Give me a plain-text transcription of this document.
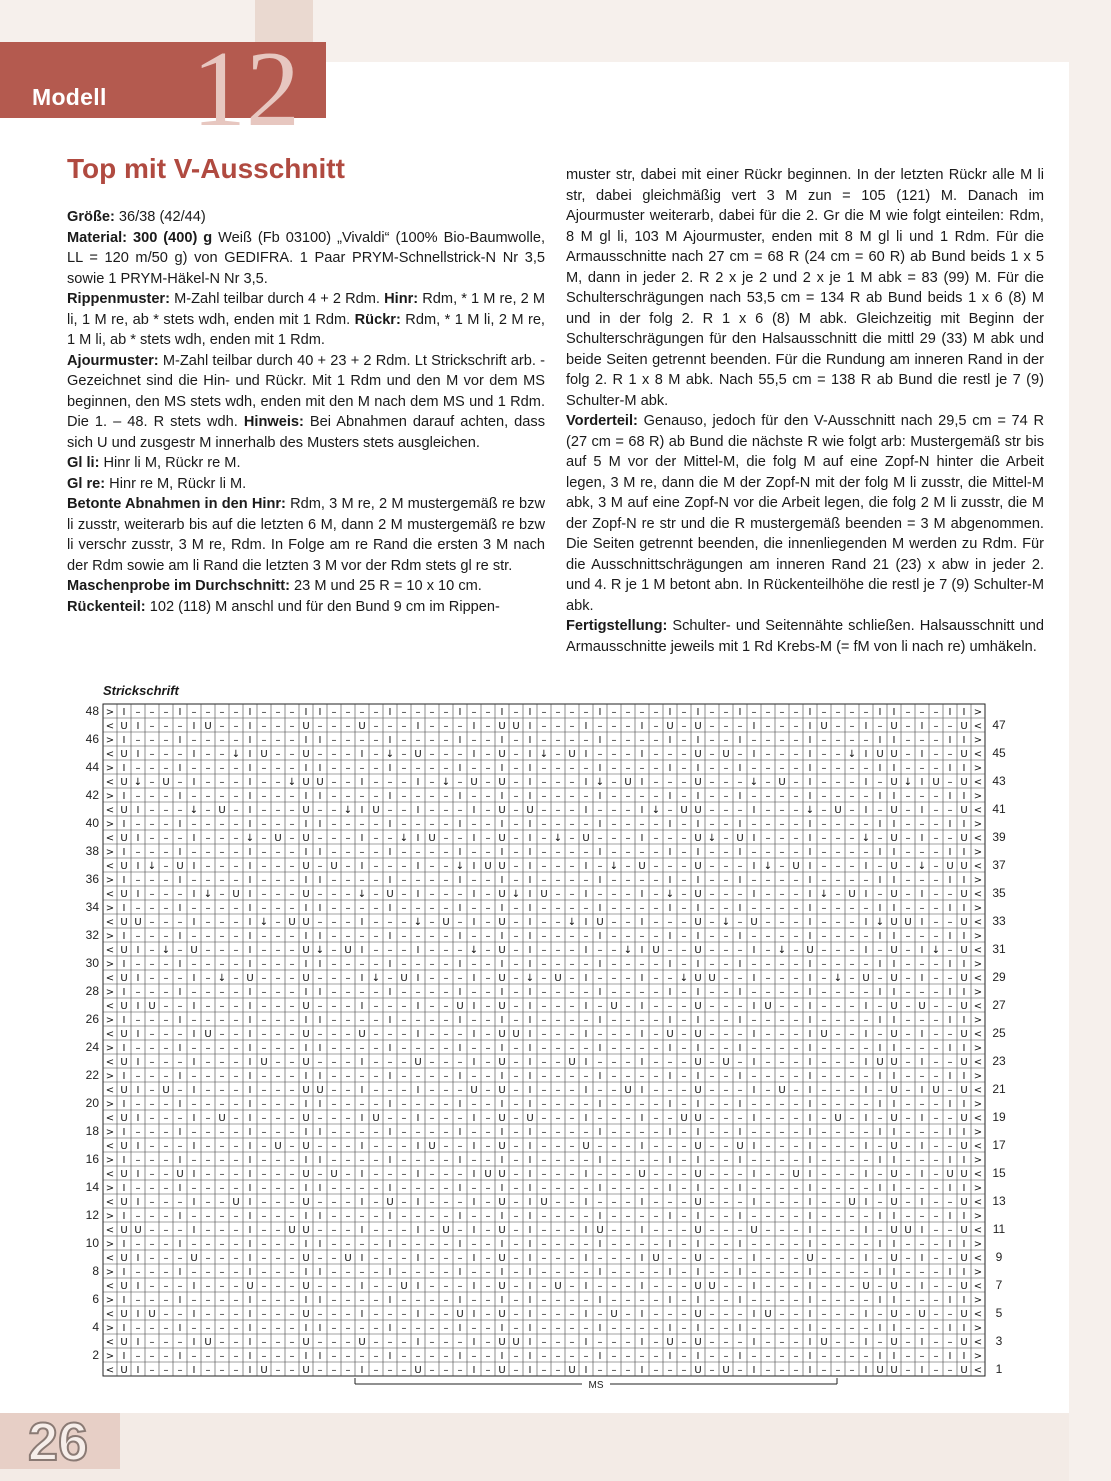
12
Modell
Top mit V-Ausschnitt

Größe: 36/38 (42/44)

Material: 300 (400) g Weiß (Fb 03100) „Vivaldi“ (100% Bio-Baumwolle, LL = 120 m/50 g) von GEDIFRA. 1 Paar PRYM-Schnellstrick-N Nr 3,5 sowie 1 PRYM-Häkel-N Nr 3,5.

Rippenmuster: M-Zahl teilbar durch 4 + 2 Rdm. Hinr: Rdm, * 1 M re, 2 M li, 1 M re, ab * stets wdh, enden mit 1 Rdm. Rückr: Rdm, * 1 M li, 2 M re, 1 M li, ab * stets wdh, enden mit 1 Rdm.

Ajourmuster: M-Zahl teilbar durch 40 + 23 + 2 Rdm. Lt Strickschrift arb. -Gezeichnet sind die Hin- und Rückr. Mit 1 Rdm und den M vor dem MS beginnen, den MS stets wdh, enden mit den M nach dem MS und 1 Rdm. Die 1. – 48. R stets wdh. Hinweis: Bei Abnahmen darauf achten, dass sich U und zusgestr M innerhalb des Musters stets ausgleichen.

Gl li: Hinr li M, Rückr re M.

Gl re: Hinr re M, Rückr li M.

Betonte Abnahmen in den Hinr: Rdm, 3 M re, 2 M mustergemäß re bzw li zusstr, weiterarb bis auf die letzten 6 M, dann 2 M mustergemäß re bzw li verschr zusstr, 3 M re, Rdm. In Folge am re Rand die ersten 3 M nach der Rdm sowie am li Rand die letzten 3 M vor der Rdm stets gl re str.

Maschenprobe im Durchschnitt: 23 M und 25 R = 10 x 10 cm.

Rückenteil: 102 (118) M anschl und für den Bund 9 cm im Rippen-

muster str, dabei mit einer Rückr beginnen. In der letzten Rückr alle M li str, dabei gleichmäßig vert 3 M zun = 105 (121) M. Danach im Ajourmuster weiterarb, dabei für die 2. Gr die M wie folgt einteilen: Rdm, 8 M gl li, 103 M Ajourmuster, enden mit 8 M gl li und 1 Rdm. Für die Armausschnitte nach 27 cm = 68 R (24 cm = 60 R) ab Bund beids 1 x 5 M, dann in jeder 2. R 2 x je 2 und 2 x je 1 M abk = 83 (99) M. Für die Schulterschrägungen nach 53,5 cm = 134 R ab Bund beids 1 x 6 (8) M und in der folg 2. R 1 x 6 (8) M abk. Gleichzeitig mit Beginn der Schulterschrägungen für den Halsausschnitt die mittl 29 (33) M abk und beide Seiten getrennt beenden. Für die Rundung am inneren Rand in der folg 2. R 1 x 8 M abk. Nach 55,5 cm = 138 R ab Bund die restl je 7 (9) Schulter-M abk.

Vorderteil: Genauso, jedoch für den V-Ausschnitt nach 29,5 cm = 74 R (27 cm = 68 R) ab Bund die nächste R wie folgt arb: Mustergemäß str bis auf 5 M vor der Mittel-M, die folg M auf eine Zopf-N hinter die Arbeit legen, 3 M re, dann die M der Zopf-N mit der folg M li zusstr, die Mittel-M abk, 3 M auf eine Zopf-N vor die Arbeit legen, die folg 2 M li zusstr, die M der Zopf-N re str und die R mustergemäß beenden = 3 M abgenommen. Die Seiten getrennt beenden, die innenliegenden M werden zu Rdm. Für die Ausschnittschrägungen am inneren Rand 21 (23) x abw in jeder 2. und 4. R je 1 M betont abn. In Rückenteilhöhe die restl je 7 (9) Schulter-M abk.

Fertigstellung: Schulter- und Seitennähte schließen. Halsausschnitt und Armausschnitte jeweils mit 1 Rd Krebs-M (= fM von li nach re) umhäkeln.

Strickschrift
> I – – – I – – – – I – – – I I – – – – I – – – – I – – I – I – – – – I – – – – I – I – – I – – – – I – – – – I I – – – I I >
< U I – – – I U – – I – – – U – – – U – – – I – – – I – U U I – – – I – – – I – U – U – – – I – – – I U – – I – U – I – – U <
> I – – – I – – – – I – – – I I – – – – I – – – – I – – I – I – – – – I – – – – I – I – – I – – – – I – – – – I I – – – I I >
< U I – – – I – – ↓ I U – – U – – – I – ↓ – U – – – I – U – I ↓ – U I – – – I – – – U – U – I – – – I – – ↓ I U U – I – – U <
> I – – – I – – – – I – – – I I – – – – I – – – – I – – I – I – – – – I – – – – I – I – – I – – – – I – – – – I I – – – I I >
< U ↓ – U – I – – – I – – ↓ U U – – I – – – I – ↓ – U – U – I – – – I ↓ – U I – – – U – – – ↓ – U – I – – – I – U ↓ I U – U <
> I – – – I – – – – I – – – I I – – – – I – – – – I – – I – I – – – – I – – – – I – I – – I – – – – I – – – – I I – – – I I >
< U I – – – ↓ – U – I – – – U – – ↓ I U – – I – – – I – U – U – – – I – – – I ↓ – U U – – – I – – – ↓ – U – I – U – I – – U <
> I – – – I – – – – I – – – I I – – – – I – – – – I – – I – I – – – – I – – – – I – I – – I – – – – I – – – – I I – – – I I >
< U I – – – I – – – ↓ – U – U – – – I – – ↓ I U – – I – U – I – ↓ – U – – – I – – – U ↓ – U I – – – I – – – ↓ – U – I – – U <
> I – – – I – – – – I – – – I I – – – – I – – – – I – – I – I – – – – I – – – – I – I – – I – – – – I – – – – I I – – – I I >
< U I ↓ – U I – – – I – – – U – U – I – – – I – – ↓ I U U – I – – – I – ↓ – U – – – U – – – I ↓ – U I – – – I – U – ↓ – U U <
> I – – – I – – – – I – – – I I – – – – I – – – – I – – I – I – – – – I – – – – I – I – – I – – – – I – – – – I I – – – I I >
< U I – – – I ↓ – U I – – – U – – – ↓ – U – I – – – I – U ↓ I U – – I – – – I – ↓ – U – – – I – – – I ↓ – U I – U – I – – U <
> I – – – I – – – – I – – – I I – – – – I – – – – I – – I – I – – – – I – – – – I – I – – I – – – – I – – – – I I – – – I I >
< U U – – – I – – – I ↓ – U U – – – I – – – ↓ – U – I – U – I – – ↓ I U – – I – – – U – ↓ – U – – – I – – – I ↓ U U I – – U <
> I – – – I – – – – I – – – I I – – – – I – – – – I – – I – I – – – – I – – – – I – I – – I – – – – I – – – – I I – – – I I >
< U I – ↓ – U – – – I – – – U ↓ – U I – – – I – – – ↓ – U – I – – – I – – ↓ I U – – U – – – I – ↓ – U – – – I – U – I ↓ – U <
> I – – – I – – – – I – – – I I – – – – I – – – – I – – I – I – – – – I – – – – I – I – – I – – – – I – – – – I I – – – I I >
< U I – – – I – ↓ – U – – – U – – – I ↓ – U I – – – I – U – ↓ – U – I – – – I – – ↓ U U – – I – – – I – ↓ – U – U – I – – U <
> I – – – I – – – – I – – – I I – – – – I – – – – I – – I – I – – – – I – – – – I – I – – I – – – – I – – – – I I – – – I I >
< U I U – – I – – – I – – – U – – – I – – – I – – U I – U – I – – – I – U – I – – – U – – – I U – – I – – – I – U – U – – U <
> I – – – I – – – – I – – – I I – – – – I – – – – I – – I – I – – – – I – – – – I – I – – I – – – – I – – – – I I – – – I I >
< U I – – – I U – – I – – – U – – – U – – – I – – – I – U U I – – – I – – – I – U – U – – – I – – – I U – – I – U – I – – U <
> I – – – I – – – – I – – – I I – – – – I – – – – I – – I – I – – – – I – – – – I – I – – I – – – – I – – – – I I – – – I I >
< U I – – – I – – – I U – – U – – – I – – – U – – – I – U – I – – U I – – – I – – – U – U – I – – – I – – – I U U – I – – U <
> I – – – I – – – – I – – – I I – – – – I – – – – I – – I – I – – – – I – – – – I – I – – I – – – – I – – – – I I – – – I I >
< U I – U – I – – – I – – – U U – – I – – – I – – – U – U – I – – – I – – U I – – – U – – – I – U – I – – – I – U – I U – U <
> I – – – I – – – – I – – – I I – – – – I – – – – I – – I – I – – – – I – – – – I – I – – I – – – – I – – – – I I – – – I I >
< U I – – – I – U – I – – – U – – – I U – – I – – – I – U – U – – – I – – – I – – U U – – – I – – – I – U – I – U – I – – U <
> I – – – I – – – – I – – – I I – – – – I – – – – I – – I – I – – – – I – – – – I – I – – I – – – – I – – – – I I – – – I I >
< U I – – – I – – – I – U – U – – – I – – – I U – – I – U – I – – – U – – – I – – – U – – U I – – – I – – – I – U – I – – U <
> I – – – I – – – – I – – – I I – – – – I – – – – I – – I – I – – – – I – – – – I – I – – I – – – – I – – – – I I – – – I I >
< U I – – U I – – – I – – – U – U – I – – – I – – – I U U – I – – – I – – – U – – – U – – – I – – U I – – – I – U – I – U U <
> I – – – I – – – – I – – – I I – – – – I – – – – I – – I – I – – – – I – – – – I – I – – I – – – – I – – – – I I – – – I I >
< U I – – – I – – U I – – – U – – – I – U – I – – – I – U – I U – – I – – – I – – – U – – – I – – – I – – U I – U – I – – U <
> I – – – I – – – – I – – – I I – – – – I – – – – I – – I – I – – – – I – – – – I – I – – I – – – – I – – – – I I – – – I I >
< U U – – – I – – – I – – U U – – – I – – – I – U – I – U – I – – – I U – – I – – – U – – – U – – – I – – – I – U U I – – U <
> I – – – I – – – – I – – – I I – – – – I – – – – I – – I – I – – – – I – – – – I – I – – I – – – – I – – – – I I – – – I I >
< U I – – – U – – – I – – – U – – U I – – – I – – – I – U – I – – – I – – – I U – – U – – – I – – – U – – – I – U – I – – U <
> I – – – I – – – – I – – – I I – – – – I – – – – I – – I – I – – – – I – – – – I – I – – I – – – – I – – – – I I – – – I I >
< U I – – – I – – – U – – – U – – – I – – U I – – – I – U – I – U – I – – – I – – – U U – – I – – – I – – – U – U – I – – U <
> I – – – I – – – – I – – – I I – – – – I – – – – I – – I – I – – – – I – – – – I – I – – I – – – – I – – – – I I – – – I I >
< U I U – – I – – – I – – – U – – – I – – – I – – U I – U – I – – – I – U – I – – – U – – – I U – – I – – – I – U – U – – U <
> I – – – I – – – – I – – – I I – – – – I – – – – I – – I – I – – – – I – – – – I – I – – I – – – – I – – – – I I – – – I I >
< U I – – – I U – – I – – – U – – – U – – – I – – – I – U U I – – – I – – – I – U – U – – – I – – – I U – – I – U – I – – U <
> I – – – I – – – – I – – – I I – – – – I – – – – I – – I – I – – – – I – – – – I – I – – I – – – – I – – – – I I – – – I I >
< U I – – – I – – – I U – – U – – – I – – – U – – – I – U – I – – U I – – – I – – – U – U – I – – – I – – – I U U – I – – U <
2
4
6
8
10
12
14
16
18
20
22
24
26
28
30
32
34
36
38
40
42
44
46
48
1
3
5
7
9
11
13
15
17
19
21
23
25
27
29
31
33
35
37
39
41
43
45
47
MS
26
